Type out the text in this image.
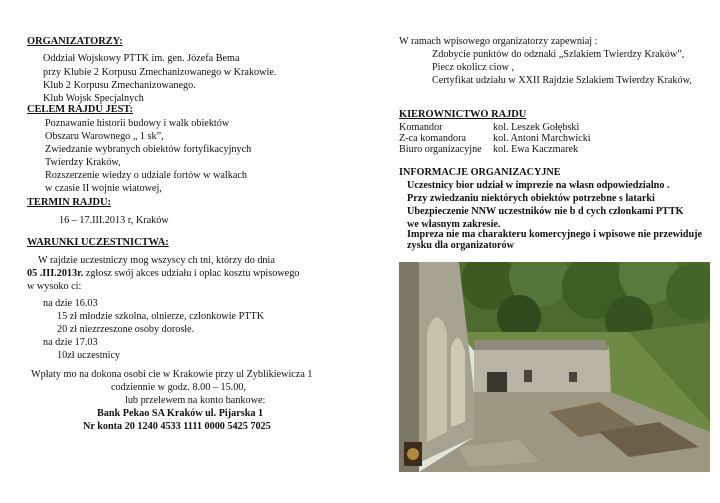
ORGANIZATORZY:
Oddział Wojskowy PTTK im. gen. Józefa Bema
przy Klubie 2 Korpusu Zmechanizowanego w Krakowie.
Klub 2 Korpusu Zmechanizowanego.
Klub Wojsk Specjalnych
CELEM RAJDU JEST:
Poznawanie historii budowy i walk obiektów
Obszaru Warownego „ 1 sk”,
Zwiedzanie wybranych obiektów fortyfikacyjnych
Twierdzy Kraków,
Rozszerzenie wiedzy o udziale fortów w walkach
w czasie II wojnie wiatowej,
TERMIN RAJDU:
16 – 17.III.2013 r, Kraków
WARUNKI UCZESTNICTWA:
W rajdzie uczestniczy mog wszyscy ch tni, którzy do dnia
05 .III.2013r. zgłosz swój akces udziału i opłac kosztu wpisowego
w wysoko ci:
na dzie 16.03
15 zł młodzie szkolna, olnierze, członkowie PTTK
20 zł niezrzeszone osoby dorosłe.
na dzie 17.03
10zł uczestnicy
Wpłaty mo na dokona osobi cie w Krakowie przy ul Zyblikiewicza 1
codziennie w godz. 8.00 – 15.00,
lub przelewem na konto bankowe:
Bank Pekao SA Kraków ul. Pijarska 1
Nr konta 20 1240 4533 1111 0000 5425 7025
W ramach wpisowego organizatorzy zapewniaj :
Zdobycie punktów do odznaki „Szlakiem Twierdzy Kraków”,
Piecz okolicz ciow ,
Certyfikat udziału w XXII Rajdzie Szlakiem Twierdzy Kraków,
KIEROWNICTWO RAJDU
Komandor	kol. Leszek Gołębski
Z-ca komandora	kol. Antoni Marchwicki
Biuro organizacyjne kol. Ewa Kaczmarek
INFORMACJE ORGANIZACYJNE
Uczestnicy bior udział w imprezie na własn odpowiedzialno .
Przy zwiedzaniu niektórych obiektów potrzebne s latarki
Ubezpieczenie NNW uczestników nie b d cych członkami PTTK
we własnym zakresie.
Impreza nie ma charakteru komercyjnego i wpisowe nie przewiduje
zysku dla organizatorów
